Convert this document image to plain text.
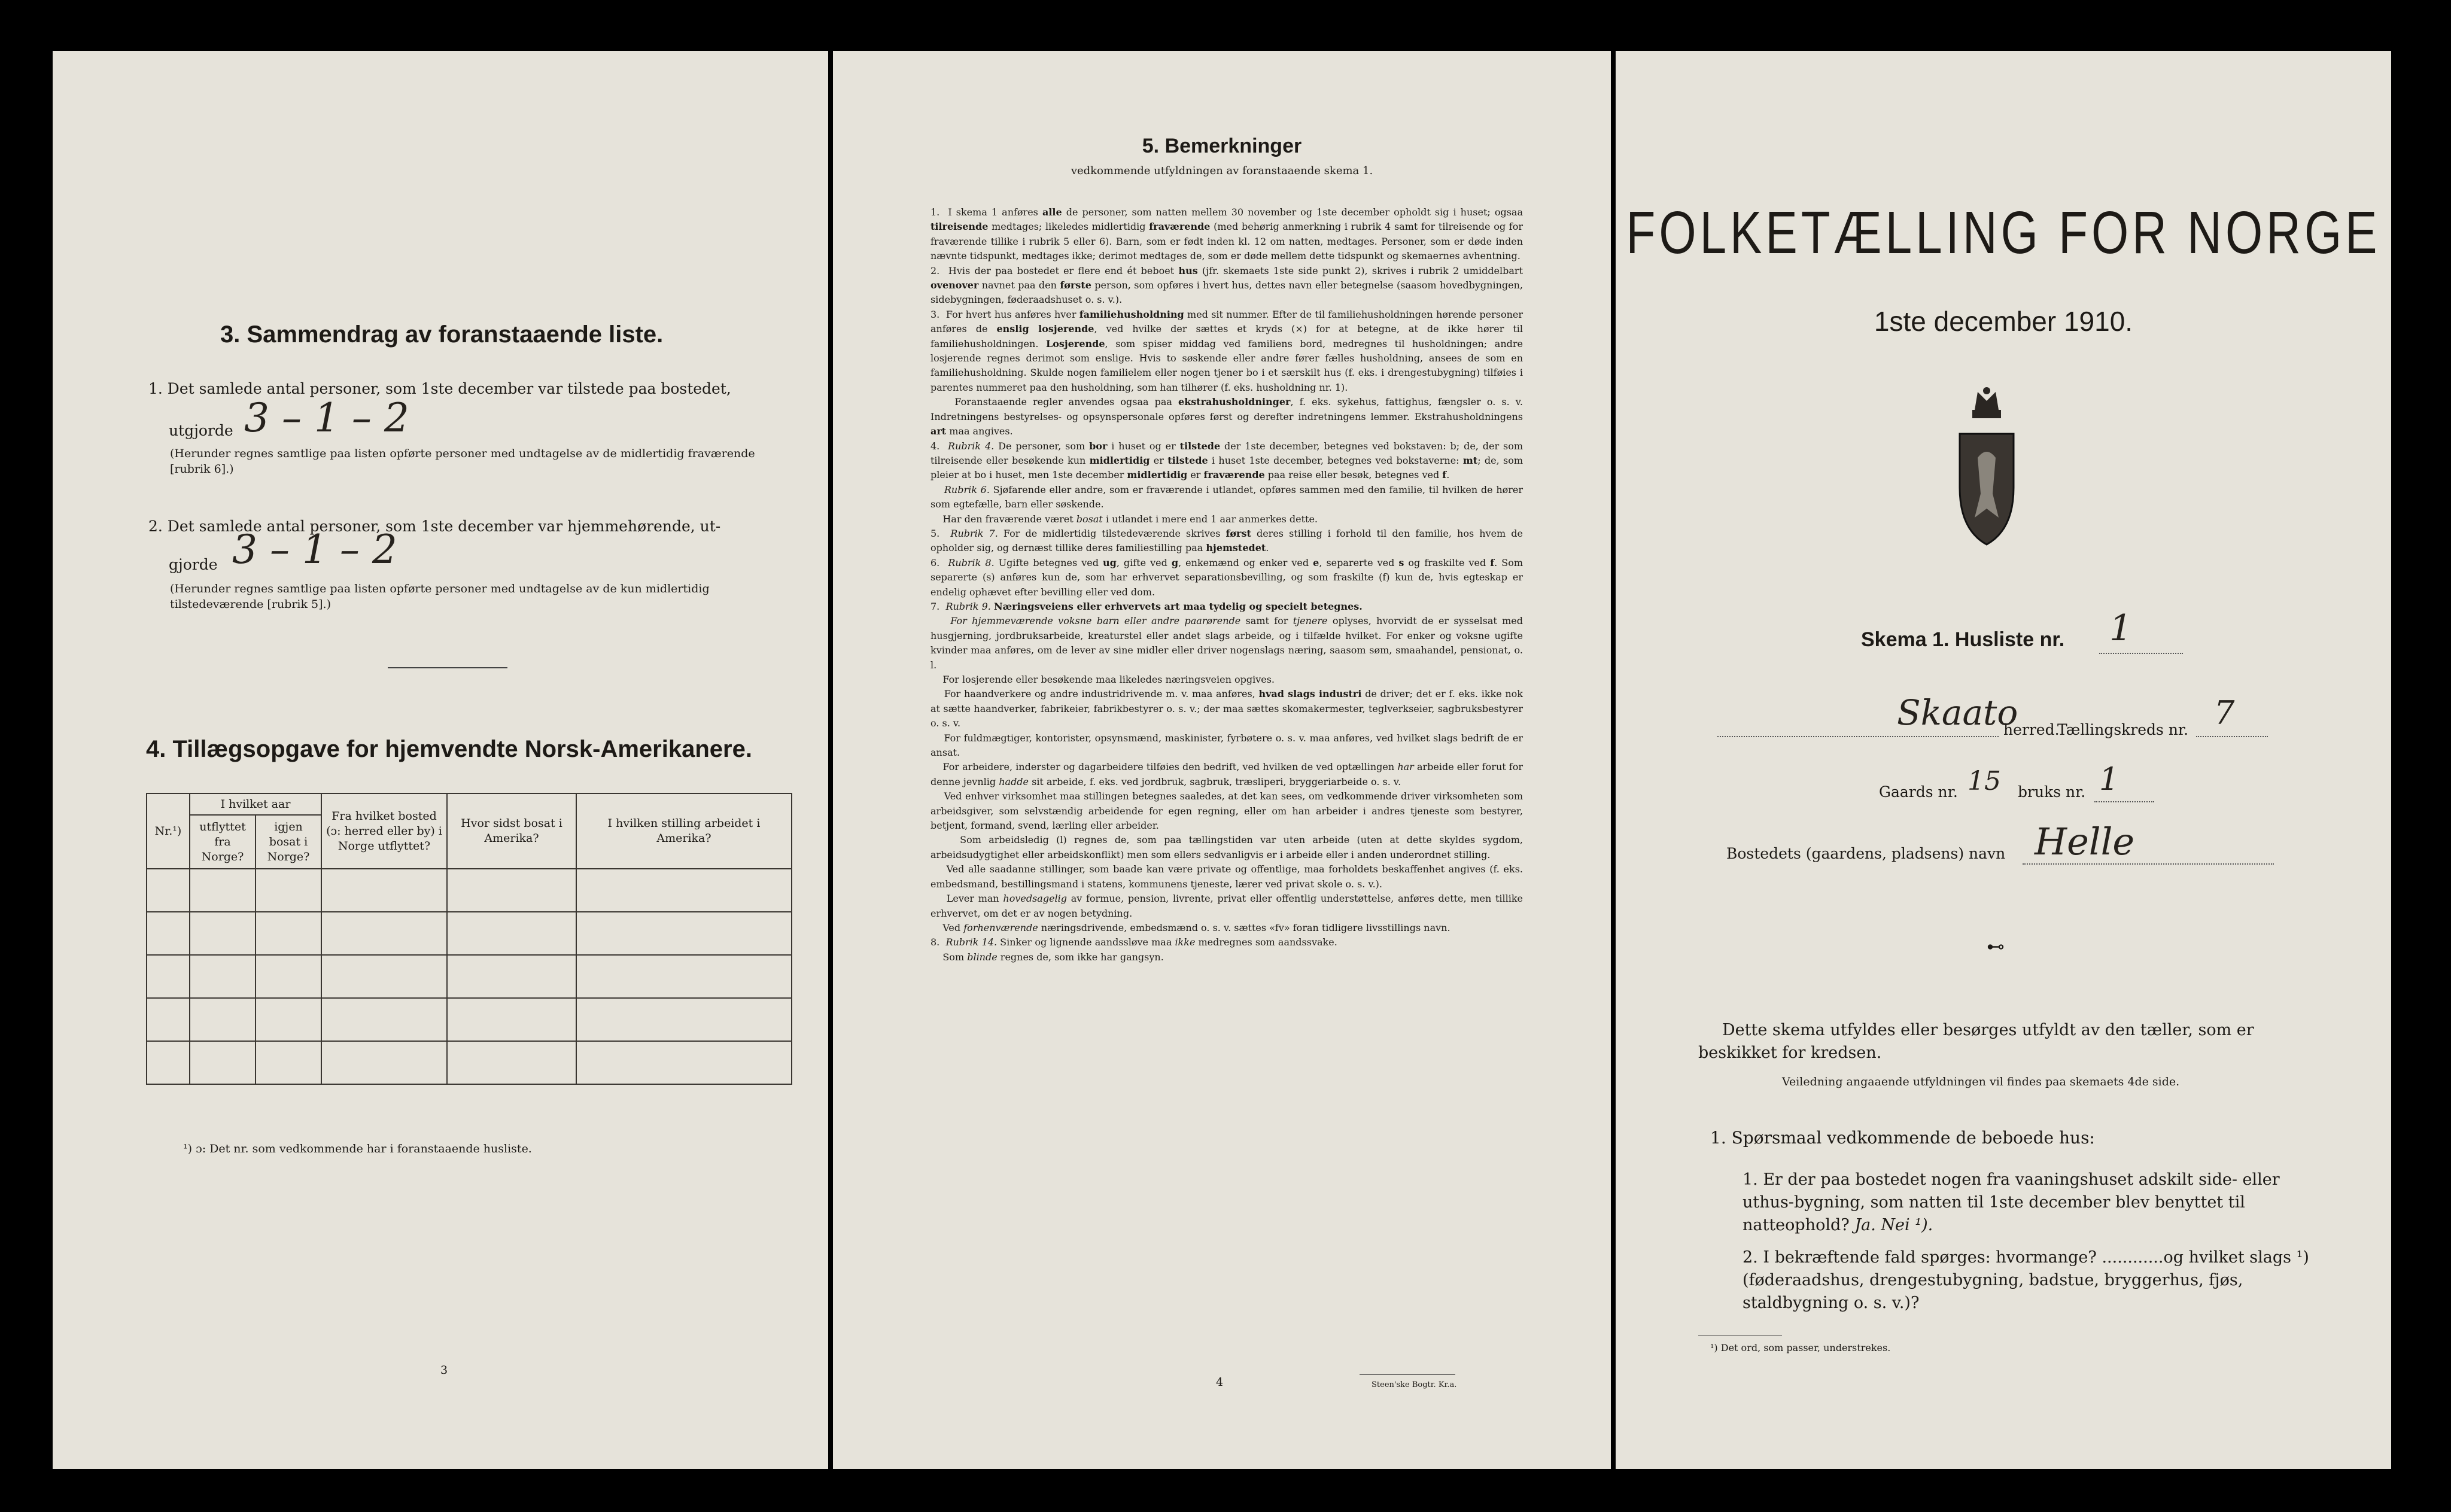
3. Sammendrag av foranstaaende liste.
1. Det samlede antal personer, som 1ste december var tilstede paa bostedet,
utgjorde 3 – 1 – 2
(Herunder regnes samtlige paa listen opførte personer med undtagelse av de midlertidig fraværende [rubrik 6].)
2. Det samlede antal personer, som 1ste december var hjemmehørende, ut-
gjorde 3 – 1 – 2
(Herunder regnes samtlige paa listen opførte personer med undtagelse av de kun midlertidig tilstedeværende [rubrik 5].)
4. Tillægsopgave for hjemvendte Norsk-Amerikanere.
Nr.¹)	I hvilket aar		Fra hvilket bosted (ɔ: herred eller by) i Norge utflyttet?	Hvor sidst bosat i Amerika?	I hvilken stilling arbeidet i Amerika?
	utflyttet fra Norge?	igjen bosat i Norge?			

¹) ɔ: Det nr. som vedkommende har i foranstaaende husliste.
3
5. Bemerkninger
vedkommende utfyldningen av foranstaaende skema 1.

1.  I skema 1 anføres alle de personer, som natten mellem 30 november og 1ste december opholdt sig i huset; ogsaa tilreisende medtages; likeledes midlertidig fraværende (med behørig anmerkning i rubrik 4 samt for tilreisende og for fraværende tillike i rubrik 5 eller 6). Barn, som er født inden kl. 12 om natten, medtages. Personer, som er døde inden nævnte tidspunkt, medtages ikke; derimot medtages de, som er døde mellem dette tidspunkt og skemaernes avhentning.

2.  Hvis der paa bostedet er flere end ét beboet hus (jfr. skemaets 1ste side punkt 2), skrives i rubrik 2 umiddelbart ovenover navnet paa den første person, som opføres i hvert hus, dettes navn eller betegnelse (saasom hovedbygningen, sidebygningen, føderaadshuset o. s. v.).

3.  For hvert hus anføres hver familiehusholdning med sit nummer. Efter de til familiehusholdningen hørende personer anføres de enslig losjerende, ved hvilke der sættes et kryds (×) for at betegne, at de ikke hører til familiehusholdningen. Losjerende, som spiser middag ved familiens bord, medregnes til husholdningen; andre losjerende regnes derimot som enslige. Hvis to søskende eller andre fører fælles husholdning, ansees de som en familiehusholdning. Skulde nogen familielem eller nogen tjener bo i et særskilt hus (f. eks. i drengestubygning) tilføies i parentes nummeret paa den husholdning, som han tilhører (f. eks. husholdning nr. 1).

Foranstaaende regler anvendes ogsaa paa ekstrahusholdninger, f. eks. sykehus, fattighus, fængsler o. s. v. Indretningens bestyrelses- og opsynspersonale opføres først og derefter indretningens lemmer. Ekstrahusholdningens art maa angives.

4.  Rubrik 4. De personer, som bor i huset og er tilstede der 1ste december, betegnes ved bokstaven: b; de, der som tilreisende eller besøkende kun midlertidig er tilstede i huset 1ste december, betegnes ved bokstaverne: mt; de, som pleier at bo i huset, men 1ste december midlertidig er fraværende paa reise eller besøk, betegnes ved f.

Rubrik 6. Sjøfarende eller andre, som er fraværende i utlandet, opføres sammen med den familie, til hvilken de hører som egtefælle, barn eller søskende.

Har den fraværende været bosat i utlandet i mere end 1 aar anmerkes dette.

5.  Rubrik 7. For de midlertidig tilstedeværende skrives først deres stilling i forhold til den familie, hos hvem de opholder sig, og dernæst tillike deres familiestilling paa hjemstedet.

6.  Rubrik 8. Ugifte betegnes ved ug, gifte ved g, enkemænd og enker ved e, separerte ved s og fraskilte ved f. Som separerte (s) anføres kun de, som har erhvervet separationsbevilling, og som fraskilte (f) kun de, hvis egteskap er endelig ophævet efter bevilling eller ved dom.

7.  Rubrik 9. Næringsveiens eller erhvervets art maa tydelig og specielt betegnes.

For hjemmeværende voksne barn eller andre paarørende samt for tjenere oplyses, hvorvidt de er sysselsat med husgjerning, jordbruksarbeide, kreaturstel eller andet slags arbeide, og i tilfælde hvilket. For enker og voksne ugifte kvinder maa anføres, om de lever av sine midler eller driver nogenslags næring, saasom søm, smaahandel, pensionat, o. l.

For losjerende eller besøkende maa likeledes næringsveien opgives.

For haandverkere og andre industridrivende m. v. maa anføres, hvad slags industri de driver; det er f. eks. ikke nok at sætte haandverker, fabrikeier, fabrikbestyrer o. s. v.; der maa sættes skomakermester, teglverkseier, sagbruksbestyrer o. s. v.

For fuldmægtiger, kontorister, opsynsmænd, maskinister, fyrbøtere o. s. v. maa anføres, ved hvilket slags bedrift de er ansat.

For arbeidere, inderster og dagarbeidere tilføies den bedrift, ved hvilken de ved optællingen har arbeide eller forut for denne jevnlig hadde sit arbeide, f. eks. ved jordbruk, sagbruk, træsliperi, bryggeriarbeide o. s. v.

Ved enhver virksomhet maa stillingen betegnes saaledes, at det kan sees, om vedkommende driver virksomheten som arbeidsgiver, som selvstændig arbeidende for egen regning, eller om han arbeider i andres tjeneste som bestyrer, betjent, formand, svend, lærling eller arbeider.

Som arbeidsledig (l) regnes de, som paa tællingstiden var uten arbeide (uten at dette skyldes sygdom, arbeidsudygtighet eller arbeidskonflikt) men som ellers sedvanligvis er i arbeide eller i anden underordnet stilling.

Ved alle saadanne stillinger, som baade kan være private og offentlige, maa forholdets beskaffenhet angives (f. eks. embedsmand, bestillingsmand i statens, kommunens tjeneste, lærer ved privat skole o. s. v.).

Lever man hovedsagelig av formue, pension, livrente, privat eller offentlig understøttelse, anføres dette, men tillike erhvervet, om det er av nogen betydning.

Ved forhenværende næringsdrivende, embedsmænd o. s. v. sættes «fv» foran tidligere livsstillings navn.

8.  Rubrik 14. Sinker og lignende aandssløve maa ikke medregnes som aandssvake.

Som blinde regnes de, som ikke har gangsyn.

4	Steen'ske Bogtr. Kr.a.
FOLKETÆLLING FOR NORGE
1ste december 1910.
Skema 1. Husliste nr. 1
Skaato
herred.
Tællingskreds nr. 7
Gaards nr. 15 bruks nr. 1
Bostedets (gaardens, pladsens) navn Helle
⊷
Dette skema utfyldes eller besørges utfyldt av den tæller, som er beskikket for kredsen.
Veiledning angaaende utfyldningen vil findes paa skemaets 4de side.
1. Spørsmaal vedkommende de beboede hus:
1. Er der paa bostedet nogen fra vaaningshuset adskilt side- eller uthus-bygning, som natten til 1ste december blev benyttet til natteophold? Ja. Nei ¹).
2. I bekræftende fald spørges: hvormange? ............og hvilket slags ¹) (føderaadshus, drengestubygning, badstue, bryggerhus, fjøs, staldbygning o. s. v.)?
¹) Det ord, som passer, understrekes.
